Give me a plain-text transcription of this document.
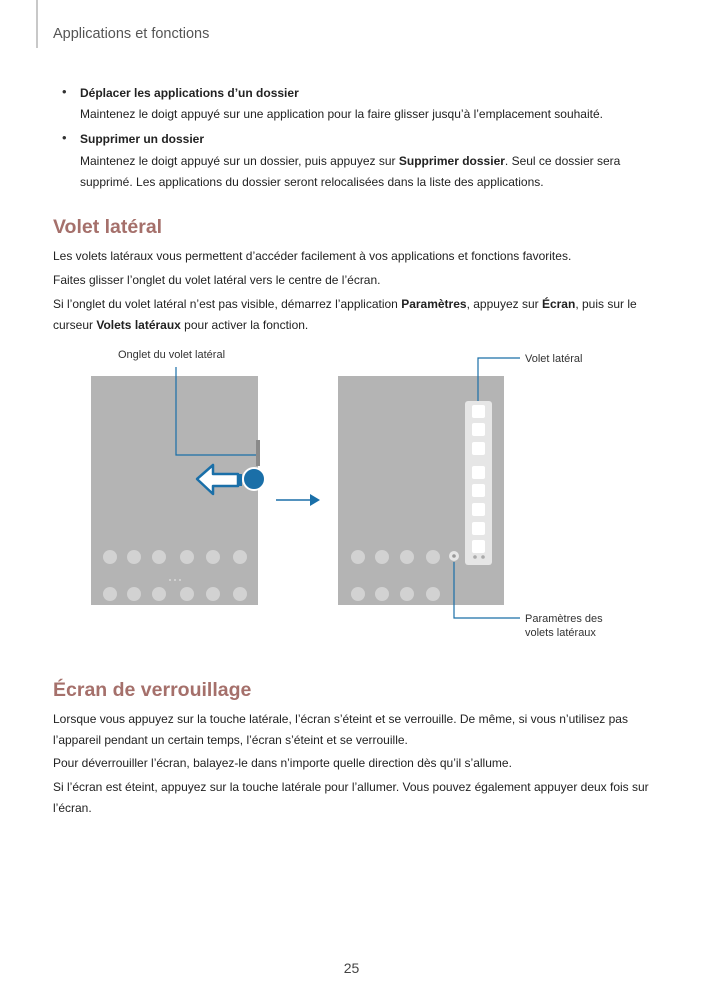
Applications et fonctions
• Déplacer les applications d’un dossier
Maintenez le doigt appuyé sur une application pour la faire glisser jusqu’à l’emplacement souhaité.
• Supprimer un dossier
Maintenez le doigt appuyé sur un dossier, puis appuyez sur Supprimer dossier. Seul ce dossier sera supprimé. Les applications du dossier seront relocalisées dans la liste des applications.
Volet latéral
Les volets latéraux vous permettent d’accéder facilement à vos applications et fonctions favorites.
Faites glisser l’onglet du volet latéral vers le centre de l’écran.
Si l’onglet du volet latéral n’est pas visible, démarrez l’application Paramètres, appuyez sur Écran, puis sur le curseur Volets latéraux pour activer la fonction.
Onglet du volet latéral	Volet latéral
Paramètres des
volets latéraux
Écran de verrouillage
Lorsque vous appuyez sur la touche latérale, l’écran s’éteint et se verrouille. De même, si vous n’utilisez pas l’appareil pendant un certain temps, l’écran s’éteint et se verrouille.
Pour déverrouiller l’écran, balayez-le dans n’importe quelle direction dès qu’il s’allume.
Si l’écran est éteint, appuyez sur la touche latérale pour l’allumer. Vous pouvez également appuyer deux fois sur l’écran.
25
